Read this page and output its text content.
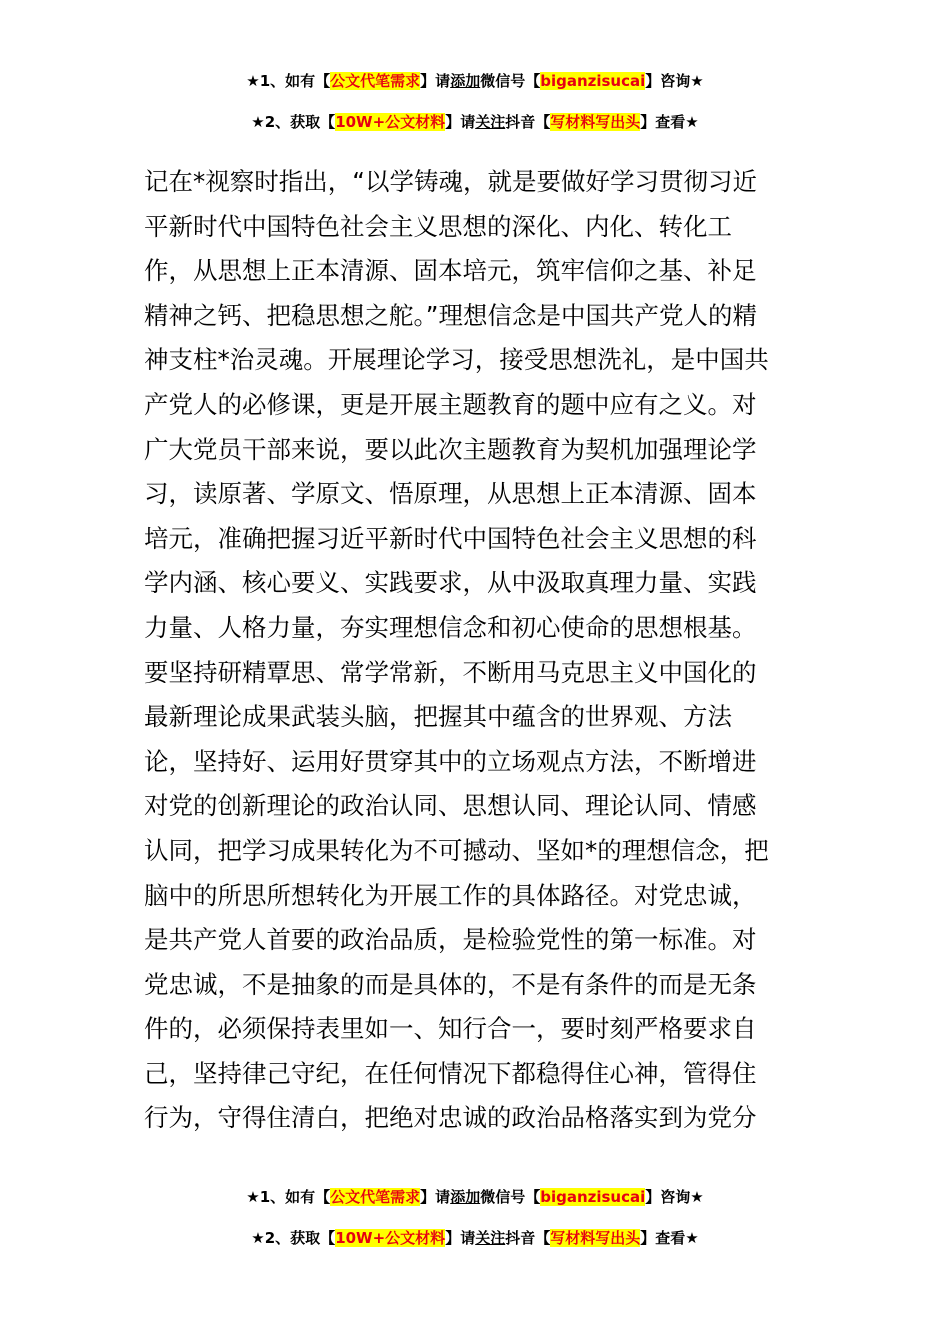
★1、如有【公文代笔需求】请添加微信号【biganzisucai】咨询★
★2、获取【10W+公文材料】请关注抖音【写材料写出头】查看★
记在*视察时指出，“以学铸魂，就是要做好学习贯彻习近
平新时代中国特色社会主义思想的深化、内化、转化工
作，从思想上正本清源、固本培元，筑牢信仰之基、补足
精神之钙、把稳思想之舵。”理想信念是中国共产党人的精
神支柱*治灵魂。开展理论学习，接受思想洗礼，是中国共
产党人的必修课，更是开展主题教育的题中应有之义。对
广大党员干部来说，要以此次主题教育为契机加强理论学
习，读原著、学原文、悟原理，从思想上正本清源、固本
培元，准确把握习近平新时代中国特色社会主义思想的科
学内涵、核心要义、实践要求，从中汲取真理力量、实践
力量、人格力量，夯实理想信念和初心使命的思想根基。
要坚持研精覃思、常学常新，不断用马克思主义中国化的
最新理论成果武装头脑，把握其中蕴含的世界观、方法
论，坚持好、运用好贯穿其中的立场观点方法，不断增进
对党的创新理论的政治认同、思想认同、理论认同、情感
认同，把学习成果转化为不可撼动、坚如*的理想信念，把
脑中的所思所想转化为开展工作的具体路径。对党忠诚，
是共产党人首要的政治品质，是检验党性的第一标准。对
党忠诚，不是抽象的而是具体的，不是有条件的而是无条
件的，必须保持表里如一、知行合一，要时刻严格要求自
己，坚持律己守纪，在任何情况下都稳得住心神，管得住
行为，守得住清白，把绝对忠诚的政治品格落实到为党分
★1、如有【公文代笔需求】请添加微信号【biganzisucai】咨询★
★2、获取【10W+公文材料】请关注抖音【写材料写出头】查看★
